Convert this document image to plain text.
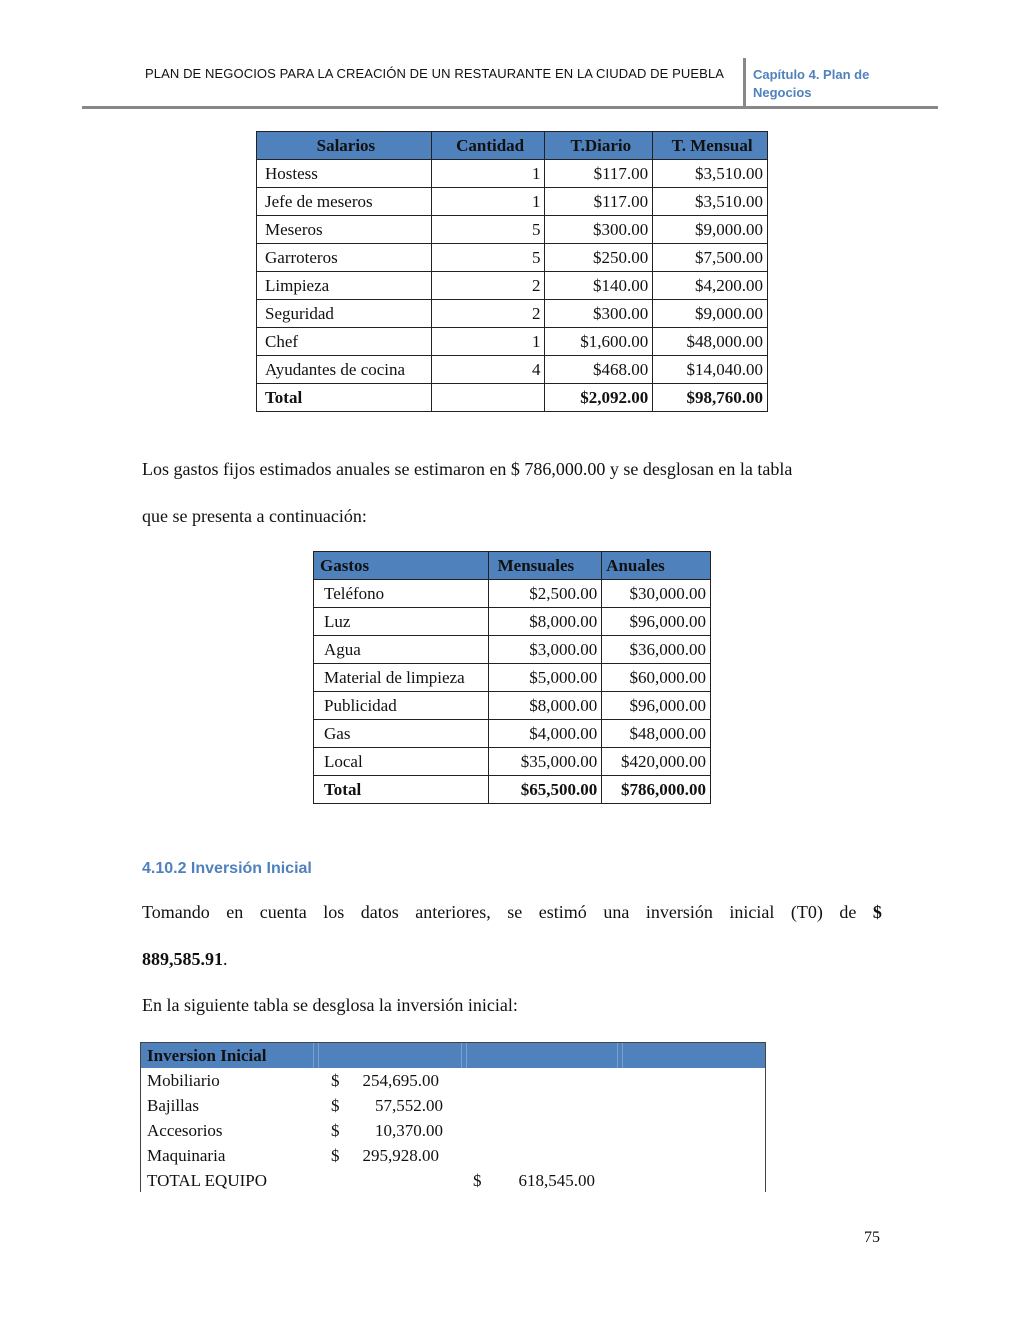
PLAN DE NEGOCIOS PARA LA CREACIÓN DE UN RESTAURANTE EN LA CIUDAD DE PUEBLA Capítulo 4. Plan de
Negocios
Salarios	Cantidad	T.Diario	T. Mensual
Hostess	1	$117.00	$3,510.00
Jefe de meseros	1	$117.00	$3,510.00
Meseros	5	$300.00	$9,000.00
Garroteros	5	$250.00	$7,500.00
Limpieza	2	$140.00	$4,200.00
Seguridad	2	$300.00	$9,000.00
Chef	1	$1,600.00	$48,000.00
Ayudantes de cocina	4	$468.00	$14,040.00
Total		$2,092.00	$98,760.00
Los gastos fijos estimados anuales se estimaron en $ 786,000.00 y se desglosan en la tabla
que se presenta a continuación:
Gastos	Mensuales	Anuales
Teléfono	$2,500.00	$30,000.00
Luz	$8,000.00	$96,000.00
Agua	$3,000.00	$36,000.00
Material de limpieza	$5,000.00	$60,000.00
Publicidad	$8,000.00	$96,000.00
Gas	$4,000.00	$48,000.00
Local	$35,000.00	$420,000.00
Total	$65,500.00	$786,000.00
4.10.2 Inversión Inicial
Tomando en cuenta los datos anteriores, se estimó una inversión inicial (T0) de $
889,585.91.
En la siguiente tabla se desglosa la inversión inicial:
Inversion Inicial
Mobiliario	$	254,695.00
Bajillas	$	57,552.00
Accesorios	$	10,370.00
Maquinaria	$	295,928.00
TOTAL EQUIPO	$	618,545.00
75
